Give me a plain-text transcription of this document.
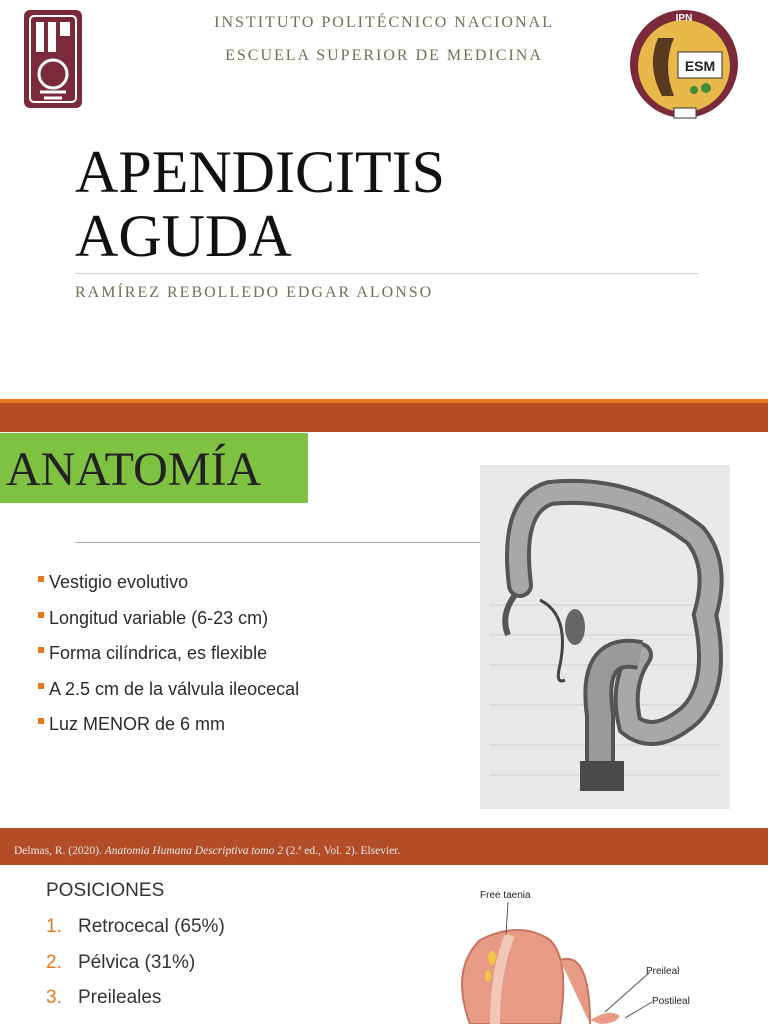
INSTITUTO POLITÉCNICO NACIONAL
ESCUELA SUPERIOR DE MEDICINA
ESM
IPN
APENDICITIS
AGUDA
RAMÍREZ REBOLLEDO EDGAR ALONSO
ANATOMÍA
Vestigio evolutivo
Longitud variable (6-23 cm)
Forma cilíndrica, es flexible
A 2.5 cm de la válvula ileocecal
Luz MENOR de 6 mm
Delmas, R. (2020). Anatomia Humana Descriptiva tomo 2 (2.ª ed., Vol. 2). Elsevier.
POSICIONES
1. Retrocecal (65%)
2. Pélvica (31%)
3. Preileales
Free taenia
Preileal
Postileal
